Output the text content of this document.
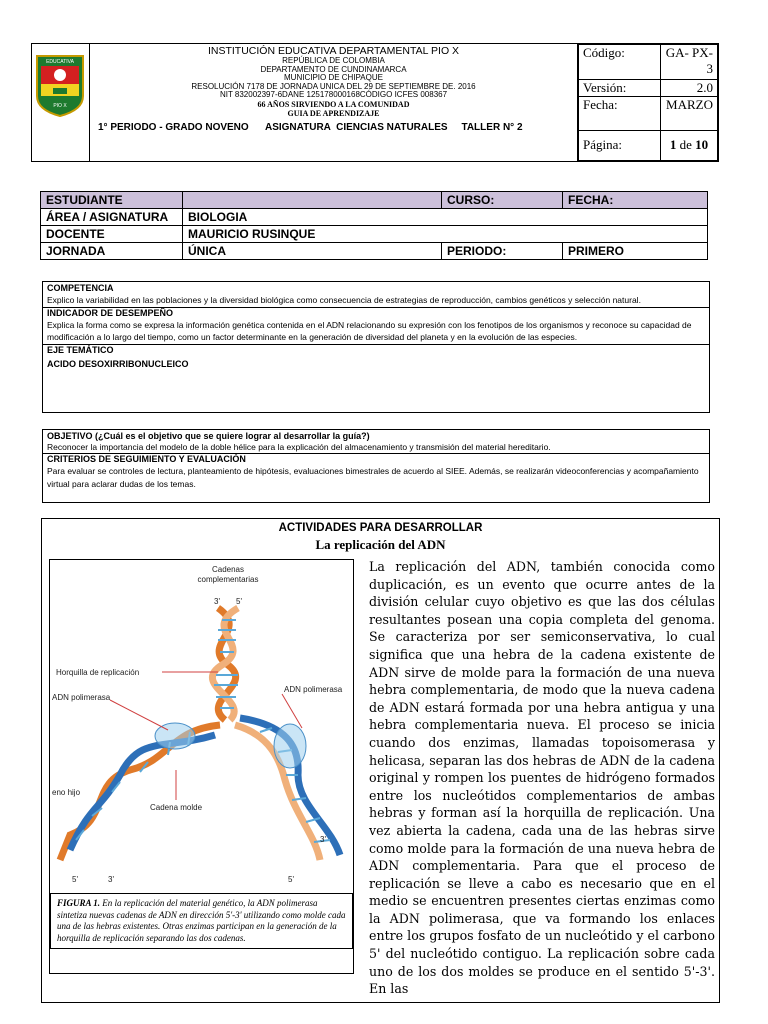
EDUCATIVA
PIO X
INSTITUCIÓN EDUCATIVA DEPARTAMENTAL PIO X
REPÚBLICA DE COLOMBIA
DEPARTAMENTO DE CUNDINAMARCA
MUNICIPIO DE CHIPAQUE
RESOLUCIÓN 7178 DE JORNADA UNICA DEL 29 DE SEPTIEMBRE DE. 2016
NIT 832002397-6DANE 125178000168CÓDIGO ICFES 008367
66 AÑOS SIRVIENDO A LA COMUNIDAD
GUIA DE APRENDIZAJE
1° PERIODO - GRADO NOVENO      ASIGNATURA  CIENCIAS NATURALES     TALLER N° 2
Código:	GA- PX-3
Versión:	2.0
Fecha:	MARZO
Página:	1 de 10
ESTUDIANTE		CURSO:	FECHA:
ÁREA / ASIGNATURA	BIOLOGIA		
DOCENTE	MAURICIO RUSINQUE		
JORNADA	ÚNICA	PERIODO:	PRIMERO
COMPETENCIA
Explico la variabilidad en las poblaciones y la diversidad biológica como consecuencia de estrategias de reproducción, cambios genéticos y selección natural.
INDICADOR DE DESEMPEÑO
Explica la forma como se expresa la información genética contenida en el ADN relacionando su expresión con los fenotipos de los organismos y reconoce su capacidad de modificación a lo largo del tiempo, como un factor determinante en la generación de diversidad del planeta y en la evolución de las especies.
EJE TEMÁTICO
ACIDO DESOXIRRIBONUCLEICO
OBJETIVO (¿Cuál es el objetivo que se quiere lograr al desarrollar la guía?)
Reconocer la importancia del modelo de la doble hélice para la explicación del almacenamiento y transmisión del material hereditario.
CRITERIOS DE SEGUIMIENTO Y EVALUACIÓN
Para evaluar se controles de lectura, planteamiento de hipótesis, evaluaciones bimestrales de acuerdo al SIEE. Además, se realizarán videoconferencias y acompañamiento virtual para aclarar dudas de los temas.
ACTIVIDADES PARA DESARROLLAR
La replicación del ADN
Cadenas
complementarias
3' 5'
Horquilla de replicación
ADN polimerasa
ADN polimerasa
eno hijo
Cadena molde
5'	3'	5'
3'
FIGURA 1. En la replicación del material genético, la ADN polimerasa sintetiza nuevas cadenas de ADN en dirección 5'-3' utilizando como molde cada una de las hebras existentes. Otras enzimas participan en la generación de la horquilla de replicación separando las dos cadenas.
La replicación del ADN, también conocida como duplicación, es un evento que ocurre antes de la división celular cuyo objetivo es que las dos células resultantes posean una copia completa del genoma. Se caracteriza por ser semiconservativa, lo cual significa que una hebra de la cadena existente de ADN sirve de molde para la formación de una nueva hebra complementaria, de modo que la nueva cadena de ADN estará formada por una hebra antigua y una hebra complementaria nueva. El proceso se inicia cuando dos enzimas, llamadas topoisomerasa y helicasa, separan las dos hebras de ADN de la cadena original y rompen los puentes de hidrógeno formados entre los nucleótidos complementarios de ambas hebras y forman así la horquilla de replicación. Una vez abierta la cadena, cada una de las hebras sirve como molde para la formación de una nueva hebra de ADN complementaria. Para que el proceso de replicación se lleve a cabo es necesario que en el medio se encuentren presentes ciertas enzimas como la ADN polimerasa, que va formando los enlaces entre los grupos fosfato de un nucleótido y el carbono 5' del nucleótido contiguo. La replicación sobre cada uno de los dos moldes se produce en el sentido 5'-3'. En las
